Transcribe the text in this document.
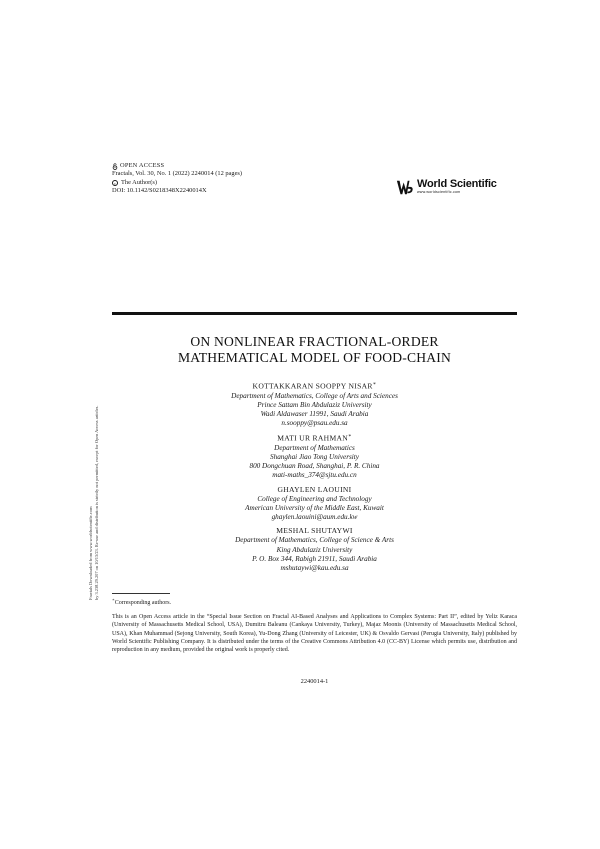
OPEN ACCESS
Fractals, Vol. 30, No. 1 (2022) 2240014 (12 pages)
c The Author(s)
DOI: 10.1142/S0218348X2240014X
World Scientific
www.worldscientific.com
Fractals Downloaded from www.worldscientific.com by 3.238.29.207 on 10/13/23. Re-use and distribution is strictly not permitted, except for Open Access articles.
ON NONLINEAR FRACTIONAL-ORDER
MATHEMATICAL MODEL OF FOOD-CHAIN
KOTTAKKARAN SOOPPY NISAR∗
Department of Mathematics, College of Arts and Sciences
Prince Sattam Bin Abdulaziz University
Wadi Aldawaser 11991, Saudi Arabia
n.sooppy@psau.edu.sa
MATI UR RAHMAN∗
Department of Mathematics
Shanghai Jiao Tong University
800 Dongchuan Road, Shanghai, P. R. China
mati-maths_374@sjtu.edu.cn
GHAYLEN LAOUINI
College of Engineering and Technology
American University of the Middle East, Kuwait
ghaylen.laouini@aum.edu.kw
MESHAL SHUTAYWI
Department of Mathematics, College of Science & Arts
King Abdulaziz University
P. O. Box 344, Rabigh 21911, Saudi Arabia
mshutaywi@kau.edu.sa

∗Corresponding authors.

This is an Open Access article in the “Special Issue Section on Fractal AI-Based Analyses and Applications to Complex Systems: Part II”, edited by Yeliz Karaca (University of Massachusetts Medical School, USA), Dumitru Baleanu (Cankaya University, Turkey), Majaz Moonis (University of Massachusetts Medical School, USA), Khan Muhammad (Sejong University, South Korea), Yu-Dong Zhang (University of Leicester, UK) & Osvaldo Gervasi (Perugia University, Italy) published by World Scientific Publishing Company. It is distributed under the terms of the Creative Commons Attribution 4.0 (CC-BY) License which permits use, distribution and reproduction in any medium, provided the original work is properly cited.

2240014-1
